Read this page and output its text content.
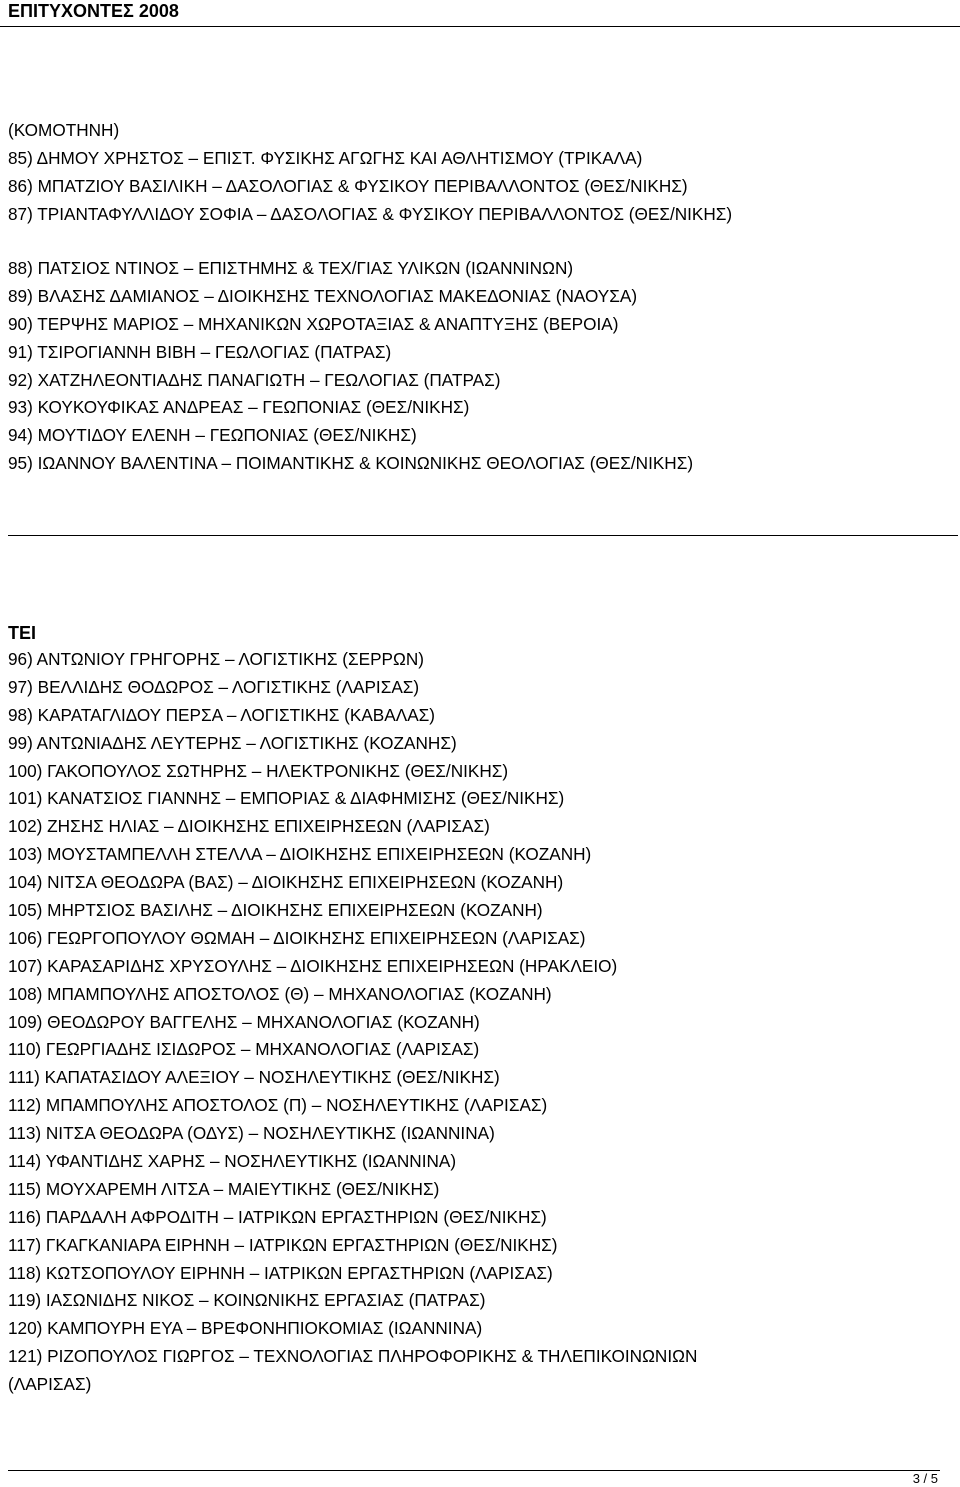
ΕΠΙΤΥΧΟΝΤΕΣ 2008
(ΚΟΜΟΤΗΝΗ)
85) ΔΗΜΟΥ ΧΡΗΣΤΟΣ – ΕΠΙΣΤ. ΦΥΣΙΚΗΣ ΑΓΩΓΗΣ ΚΑΙ ΑΘΛΗΤΙΣΜΟΥ (ΤΡΙΚΑΛΑ)
86) ΜΠΑΤΖΙΟΥ ΒΑΣΙΛΙΚΗ – ΔΑΣΟΛΟΓΙΑΣ & ΦΥΣΙΚΟΥ ΠΕΡΙΒΑΛΛΟΝΤΟΣ (ΘΕΣ/ΝΙΚΗΣ)
87) ΤΡΙΑΝΤΑΦΥΛΛΙΔΟΥ ΣΟΦΙΑ – ΔΑΣΟΛΟΓΙΑΣ & ΦΥΣΙΚΟΥ ΠΕΡΙΒΑΛΛΟΝΤΟΣ (ΘΕΣ/ΝΙΚΗΣ)
88) ΠΑΤΣΙΟΣ ΝΤΙΝΟΣ – ΕΠΙΣΤΗΜΗΣ & ΤΕΧ/ΓΙΑΣ ΥΛΙΚΩΝ (ΙΩΑΝΝΙΝΩΝ)
89) ΒΛΑΣΗΣ ΔΑΜΙΑΝΟΣ – ΔΙΟΙΚΗΣΗΣ ΤΕΧΝΟΛΟΓΙΑΣ ΜΑΚΕΔΟΝΙΑΣ (ΝΑΟΥΣΑ)
90) ΤΕΡΨΗΣ ΜΑΡΙΟΣ – ΜΗΧΑΝΙΚΩΝ ΧΩΡΟΤΑΞΙΑΣ & ΑΝΑΠΤΥΞΗΣ (ΒΕΡΟΙΑ)
91) ΤΣΙΡΟΓΙΑΝΝΗ ΒΙΒΗ – ΓΕΩΛΟΓΙΑΣ (ΠΑΤΡΑΣ)
92) ΧΑΤΖΗΛΕΟΝΤΙΑΔΗΣ ΠΑΝΑΓΙΩΤΗ – ΓΕΩΛΟΓΙΑΣ (ΠΑΤΡΑΣ)
93) ΚΟΥΚΟΥΦΙΚΑΣ ΑΝΔΡΕΑΣ – ΓΕΩΠΟΝΙΑΣ (ΘΕΣ/ΝΙΚΗΣ)
94) ΜΟΥΤΙΔΟΥ ΕΛΕΝΗ – ΓΕΩΠΟΝΙΑΣ (ΘΕΣ/ΝΙΚΗΣ)
95) ΙΩΑΝΝΟΥ ΒΑΛΕΝΤΙΝΑ – ΠΟΙΜΑΝΤΙΚΗΣ & ΚΟΙΝΩΝΙΚΗΣ ΘΕΟΛΟΓΙΑΣ (ΘΕΣ/ΝΙΚΗΣ)
ΤΕΙ
96) ΑΝΤΩΝΙΟΥ ΓΡΗΓΟΡΗΣ – ΛΟΓΙΣΤΙΚΗΣ (ΣΕΡΡΩΝ)
97) ΒΕΛΛΙΔΗΣ ΘΟΔΩΡΟΣ – ΛΟΓΙΣΤΙΚΗΣ (ΛΑΡΙΣΑΣ)
98) ΚΑΡΑΤΑΓΛΙΔΟΥ ΠΕΡΣΑ – ΛΟΓΙΣΤΙΚΗΣ (ΚΑΒΑΛΑΣ)
99) ΑΝΤΩΝΙΑΔΗΣ ΛΕΥΤΕΡΗΣ – ΛΟΓΙΣΤΙΚΗΣ (ΚΟΖΑΝΗΣ)
100) ΓΑΚΟΠΟΥΛΟΣ ΣΩΤΗΡΗΣ – ΗΛΕΚΤΡΟΝΙΚΗΣ (ΘΕΣ/ΝΙΚΗΣ)
101) ΚΑΝΑΤΣΙΟΣ ΓΙΑΝΝΗΣ – ΕΜΠΟΡΙΑΣ & ΔΙΑΦΗΜΙΣΗΣ (ΘΕΣ/ΝΙΚΗΣ)
102) ΖΗΣΗΣ ΗΛΙΑΣ – ΔΙΟΙΚΗΣΗΣ ΕΠΙΧΕΙΡΗΣΕΩΝ (ΛΑΡΙΣΑΣ)
103) ΜΟΥΣΤΑΜΠΕΛΛΗ ΣΤΕΛΛΑ – ΔΙΟΙΚΗΣΗΣ ΕΠΙΧΕΙΡΗΣΕΩΝ (ΚΟΖΑΝΗ)
104) ΝΙΤΣΑ ΘΕΟΔΩΡΑ (ΒΑΣ) – ΔΙΟΙΚΗΣΗΣ ΕΠΙΧΕΙΡΗΣΕΩΝ (ΚΟΖΑΝΗ)
105) ΜΗΡΤΣΙΟΣ ΒΑΣΙΛΗΣ – ΔΙΟΙΚΗΣΗΣ ΕΠΙΧΕΙΡΗΣΕΩΝ (ΚΟΖΑΝΗ)
106) ΓΕΩΡΓΟΠΟΥΛΟΥ ΘΩΜΑΗ – ΔΙΟΙΚΗΣΗΣ ΕΠΙΧΕΙΡΗΣΕΩΝ (ΛΑΡΙΣΑΣ)
107) ΚΑΡΑΣΑΡΙΔΗΣ ΧΡΥΣΟΥΛΗΣ – ΔΙΟΙΚΗΣΗΣ ΕΠΙΧΕΙΡΗΣΕΩΝ (ΗΡΑΚΛΕΙΟ)
108) ΜΠΑΜΠΟΥΛΗΣ ΑΠΟΣΤΟΛΟΣ (Θ) – ΜΗΧΑΝΟΛΟΓΙΑΣ (ΚΟΖΑΝΗ)
109) ΘΕΟΔΩΡΟΥ ΒΑΓΓΕΛΗΣ – ΜΗΧΑΝΟΛΟΓΙΑΣ (ΚΟΖΑΝΗ)
110) ΓΕΩΡΓΙΑΔΗΣ ΙΣΙΔΩΡΟΣ – ΜΗΧΑΝΟΛΟΓΙΑΣ (ΛΑΡΙΣΑΣ)
111) ΚΑΠΑΤΑΣΙΔΟΥ ΑΛΕΞΙΟΥ – ΝΟΣΗΛΕΥΤΙΚΗΣ (ΘΕΣ/ΝΙΚΗΣ)
112) ΜΠΑΜΠΟΥΛΗΣ ΑΠΟΣΤΟΛΟΣ (Π) – ΝΟΣΗΛΕΥΤΙΚΗΣ (ΛΑΡΙΣΑΣ)
113) ΝΙΤΣΑ ΘΕΟΔΩΡΑ (ΟΔΥΣ) – ΝΟΣΗΛΕΥΤΙΚΗΣ (ΙΩΑΝΝΙΝΑ)
114) ΥΦΑΝΤΙΔΗΣ ΧΑΡΗΣ – ΝΟΣΗΛΕΥΤΙΚΗΣ (ΙΩΑΝΝΙΝΑ)
115) ΜΟΥΧΑΡΕΜΗ ΛΙΤΣΑ – ΜΑΙΕΥΤΙΚΗΣ (ΘΕΣ/ΝΙΚΗΣ)
116) ΠΑΡΔΑΛΗ ΑΦΡΟΔΙΤΗ – ΙΑΤΡΙΚΩΝ ΕΡΓΑΣΤΗΡΙΩΝ (ΘΕΣ/ΝΙΚΗΣ)
117) ΓΚΑΓΚΑΝΙΑΡΑ ΕΙΡΗΝΗ – ΙΑΤΡΙΚΩΝ ΕΡΓΑΣΤΗΡΙΩΝ (ΘΕΣ/ΝΙΚΗΣ)
118) ΚΩΤΣΟΠΟΥΛΟΥ ΕΙΡΗΝΗ – ΙΑΤΡΙΚΩΝ ΕΡΓΑΣΤΗΡΙΩΝ (ΛΑΡΙΣΑΣ)
119) ΙΑΣΩΝΙΔΗΣ ΝΙΚΟΣ – ΚΟΙΝΩΝΙΚΗΣ ΕΡΓΑΣΙΑΣ (ΠΑΤΡΑΣ)
120) ΚΑΜΠΟΥΡΗ ΕΥΑ – ΒΡΕΦΟΝΗΠΙΟΚΟΜΙΑΣ (ΙΩΑΝΝΙΝΑ)
121) ΡΙΖΟΠΟΥΛΟΣ ΓΙΩΡΓΟΣ – ΤΕΧΝΟΛΟΓΙΑΣ ΠΛΗΡΟΦΟΡΙΚΗΣ & ΤΗΛΕΠΙΚΟΙΝΩΝΙΩΝ
(ΛΑΡΙΣΑΣ)
3 / 5
